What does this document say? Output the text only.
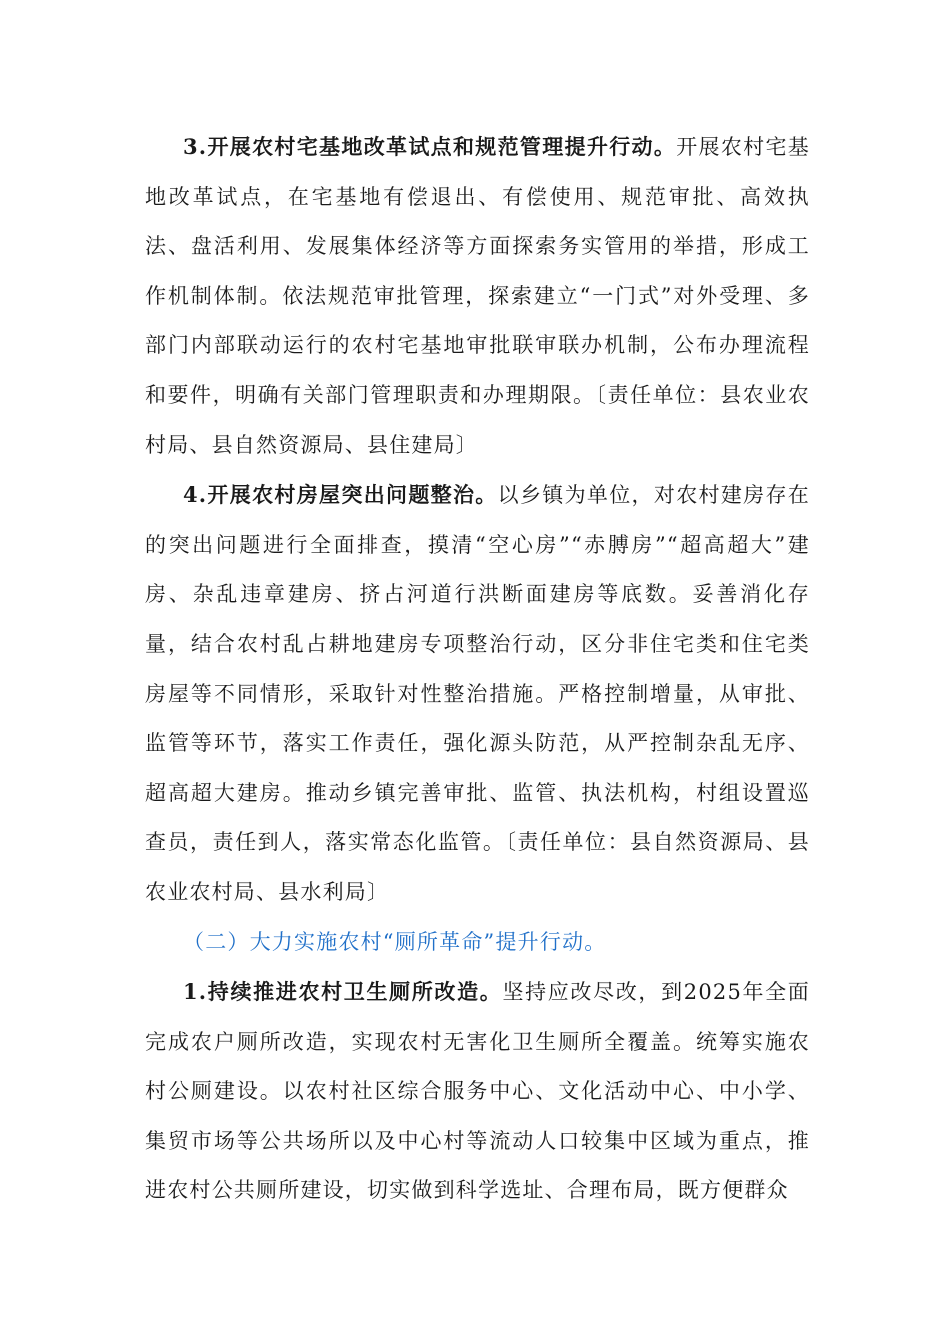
3.开展农村宅基地改革试点和规范管理提升行动。开展农村宅基地改革试点，在宅基地有偿退出、有偿使用、规范审批、高效执法、盘活利用、发展集体经济等方面探索务实管用的举措，形成工作机制体制。依法规范审批管理，探索建立“一门式”对外受理、多部门内部联动运行的农村宅基地审批联审联办机制，公布办理流程和要件，明确有关部门管理职责和办理期限。〔责任单位：县农业农村局、县自然资源局、县住建局〕

4.开展农村房屋突出问题整治。以乡镇为单位，对农村建房存在的突出问题进行全面排查，摸清“空心房”“赤膊房”“超高超大”建房、杂乱违章建房、挤占河道行洪断面建房等底数。妥善消化存量，结合农村乱占耕地建房专项整治行动，区分非住宅类和住宅类房屋等不同情形，采取针对性整治措施。严格控制增量，从审批、监管等环节，落实工作责任，强化源头防范，从严控制杂乱无序、超高超大建房。推动乡镇完善审批、监管、执法机构，村组设置巡查员，责任到人，落实常态化监管。〔责任单位：县自然资源局、县农业农村局、县水利局〕

（二）大力实施农村“厕所革命”提升行动。

1.持续推进农村卫生厕所改造。坚持应改尽改，到2025年全面完成农户厕所改造，实现农村无害化卫生厕所全覆盖。统筹实施农村公厕建设。以农村社区综合服务中心、文化活动中心、中小学、集贸市场等公共场所以及中心村等流动人口较集中区域为重点，推进农村公共厕所建设，切实做到科学选址、合理布局，既方便群众
